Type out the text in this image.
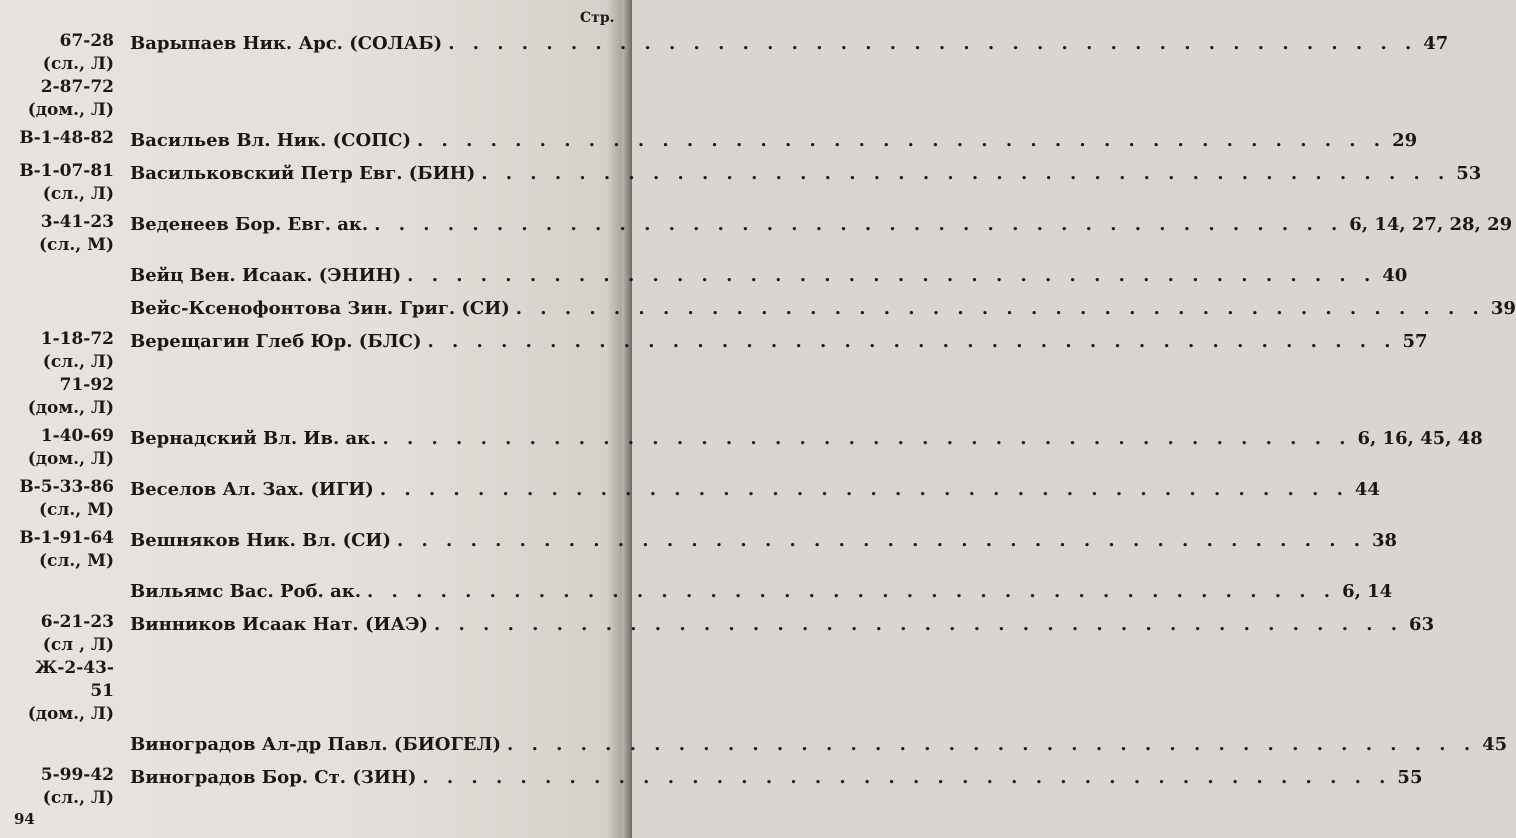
Стр.
67-28
(сл., Л)
2-87-72
(дом., Л)
Варыпаев Ник. Арс. (СОЛАБ) . . . . . . . . . . . . . . . . . . . . . . . . . . . . . . . . . . . . . . . . 47
В-1-48-82 Васильев Вл. Ник. (СОПС) . . . . . . . . . . . . . . . . . . . . . . . . . . . . . . . . . . . . . . . . 29
В-1-07-81
(сл., Л)
Васильковский Петр Евг. (БИН) . . . . . . . . . . . . . . . . . . . . . . . . . . . . . . . . . . . . . . . . 53
3-41-23
(сл., М)
Веденеев Бор. Евг. ак. . . . . . . . . . . . . . . . . . . . . . . . . . . . . . . . . . . . . . . . . 6, 14, 27, 28, 29
Вейц Вен. Исаак. (ЭНИН) . . . . . . . . . . . . . . . . . . . . . . . . . . . . . . . . . . . . . . . . 40
Вейс-Ксенофонтова Зин. Григ. (СИ) . . . . . . . . . . . . . . . . . . . . . . . . . . . . . . . . . . . . . . . . 39
1-18-72
(сл., Л)
71-92
(дом., Л)
Верещагин Глеб Юр. (БЛС) . . . . . . . . . . . . . . . . . . . . . . . . . . . . . . . . . . . . . . . . 57
1-40-69
(дом., Л)
Вернадский Вл. Ив. ак. . . . . . . . . . . . . . . . . . . . . . . . . . . . . . . . . . . . . . . . . 6, 16, 45, 48
В-5-33-86
(сл., М)
Веселов Ал. Зах. (ИГИ) . . . . . . . . . . . . . . . . . . . . . . . . . . . . . . . . . . . . . . . . 44
В-1-91-64
(сл., М)
Вешняков Ник. Вл. (СИ) . . . . . . . . . . . . . . . . . . . . . . . . . . . . . . . . . . . . . . . . 38
Вильямс Вас. Роб. ак. . . . . . . . . . . . . . . . . . . . . . . . . . . . . . . . . . . . . . . . . 6, 14
6-21-23
(сл , Л)
Ж-2-43-51
(дом., Л)
Винников Исаак Нат. (ИАЭ) . . . . . . . . . . . . . . . . . . . . . . . . . . . . . . . . . . . . . . . . 63
Виноградов Ал-др Павл. (БИОГЕЛ) . . . . . . . . . . . . . . . . . . . . . . . . . . . . . . . . . . . . . . . . 45
5-99-42
(сл., Л)
Виноградов Бор. Ст. (ЗИН) . . . . . . . . . . . . . . . . . . . . . . . . . . . . . . . . . . . . . . . . 55
94
